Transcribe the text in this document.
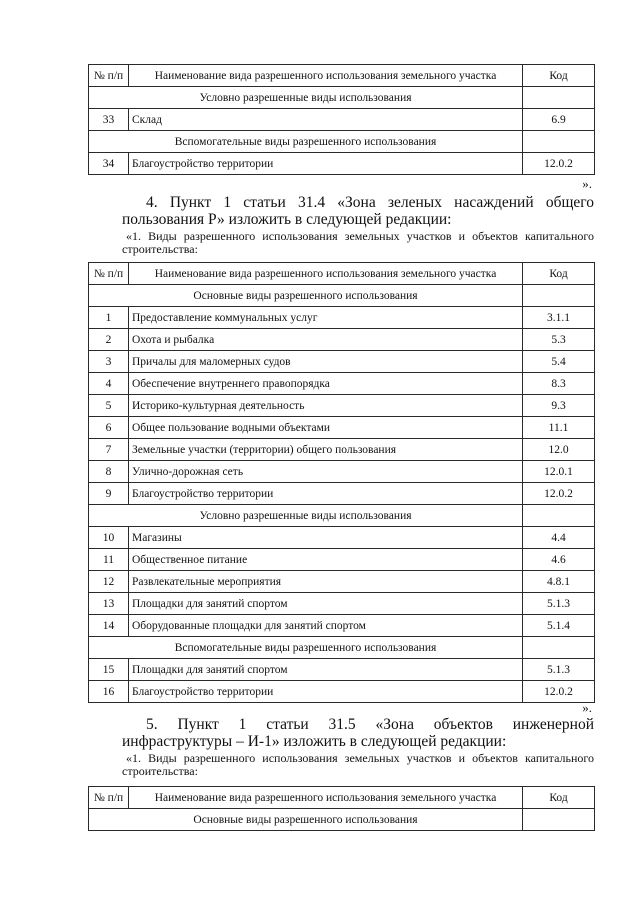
№ п/п	Наименование вида разрешенного использования земельного участка	Код
Условно разрешенные виды использования		
33	Склад	6.9
Вспомогательные виды разрешенного использования		
34	Благоустройство территории	12.0.2
».
4. Пункт 1 статьи 31.4 «Зона зеленых насаждений общего пользования Р» изложить в следующей редакции:
«1. Виды разрешенного использования земельных участков и объектов капитального строительства:
№ п/п	Наименование вида разрешенного использования земельного участка	Код
Основные виды разрешенного использования		
1	Предоставление коммунальных услуг	3.1.1
2	Охота и рыбалка	5.3
3	Причалы для маломерных судов	5.4
4	Обеспечение внутреннего правопорядка	8.3
5	Историко-культурная деятельность	9.3
6	Общее пользование водными объектами	11.1
7	Земельные участки (территории) общего пользования	12.0
8	Улично-дорожная сеть	12.0.1
9	Благоустройство территории	12.0.2
Условно разрешенные виды использования		
10	Магазины	4.4
11	Общественное питание	4.6
12	Развлекательные мероприятия	4.8.1
13	Площадки для занятий спортом	5.1.3
14	Оборудованные площадки для занятий спортом	5.1.4
Вспомогательные виды разрешенного использования		
15	Площадки для занятий спортом	5.1.3
16	Благоустройство территории	12.0.2
».
5. Пункт 1 статьи 31.5 «Зона объектов инженерной инфраструктуры – И-1» изложить в следующей редакции:
«1. Виды разрешенного использования земельных участков и объектов капитального строительства:
№ п/п	Наименование вида разрешенного использования земельного участка	Код
Основные виды разрешенного использования		
